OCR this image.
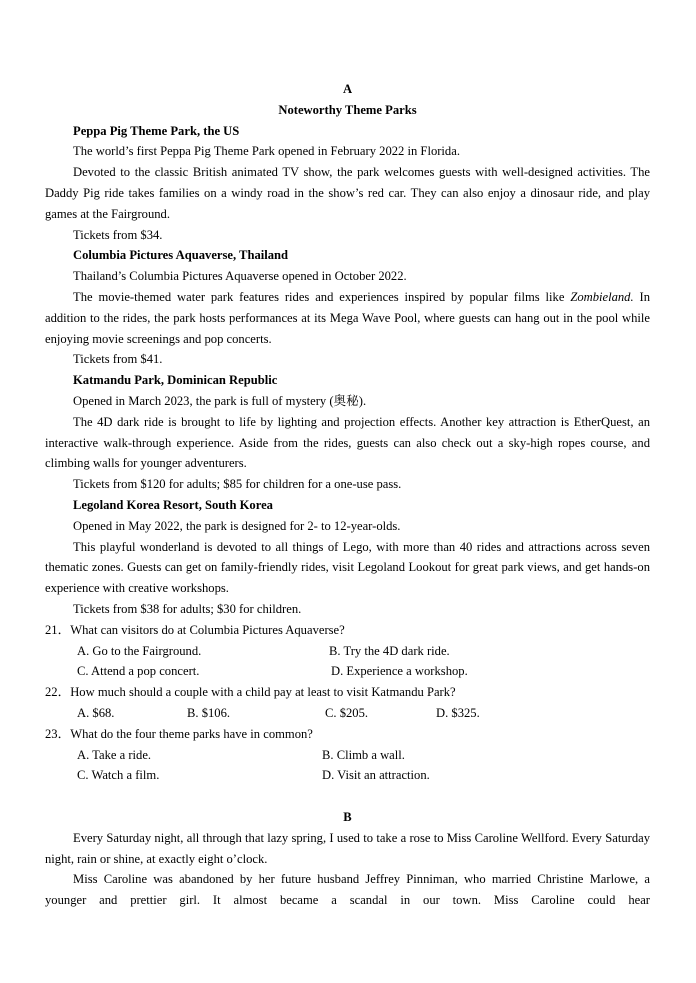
A

Noteworthy Theme Parks

Peppa Pig Theme Park, the US

The world’s first Peppa Pig Theme Park opened in February 2022 in Florida.

Devoted to the classic British animated TV show, the park welcomes guests with well-designed activities. The Daddy Pig ride takes families on a windy road in the show’s red car. They can also enjoy a dinosaur ride, and play games at the Fairground.

Tickets from $34.

Columbia Pictures Aquaverse, Thailand

Thailand’s Columbia Pictures Aquaverse opened in October 2022.

The movie-themed water park features rides and experiences inspired by popular films like Zombieland. In addition to the rides, the park hosts performances at its Mega Wave Pool, where guests can hang out in the pool while enjoying movie screenings and pop concerts.

Tickets from $41.

Katmandu Park, Dominican Republic

Opened in March 2023, the park is full of mystery (奥秘).

The 4D dark ride is brought to life by lighting and projection effects. Another key attraction is EtherQuest, an interactive walk-through experience. Aside from the rides, guests can also check out a sky-high ropes course, and climbing walls for younger adventurers.

Tickets from $120 for adults; $85 for children for a one-use pass.

Legoland Korea Resort, South Korea

Opened in May 2022, the park is designed for 2- to 12-year-olds.

This playful wonderland is devoted to all things of Lego, with more than 40 rides and attractions across seven thematic zones. Guests can get on family-friendly rides, visit Legoland Lookout for great park views, and get hands-on experience with creative workshops.

Tickets from $38 for adults; $30 for children.

21．What can visitors do at Columbia Pictures Aquaverse?

A. Go to the Fairground.	B. Try the 4D dark ride.
C. Attend a pop concert.	D. Experience a workshop.

22．How much should a couple with a child pay at least to visit Katmandu Park?

A. $68.	B. $106.	C. $205.	D. $325.

23．What do the four theme parks have in common?

A. Take a ride.	B. Climb a wall.
C. Watch a film.	D. Visit an attraction.

B

Every Saturday night, all through that lazy spring, I used to take a rose to Miss Caroline Wellford. Every Saturday night, rain or shine, at exactly eight o’clock.

Miss Caroline was abandoned by her future husband Jeffrey Pinniman, who married Christine Marlowe, a younger and prettier girl. It almost became a scandal in our town. Miss Caroline could hear
